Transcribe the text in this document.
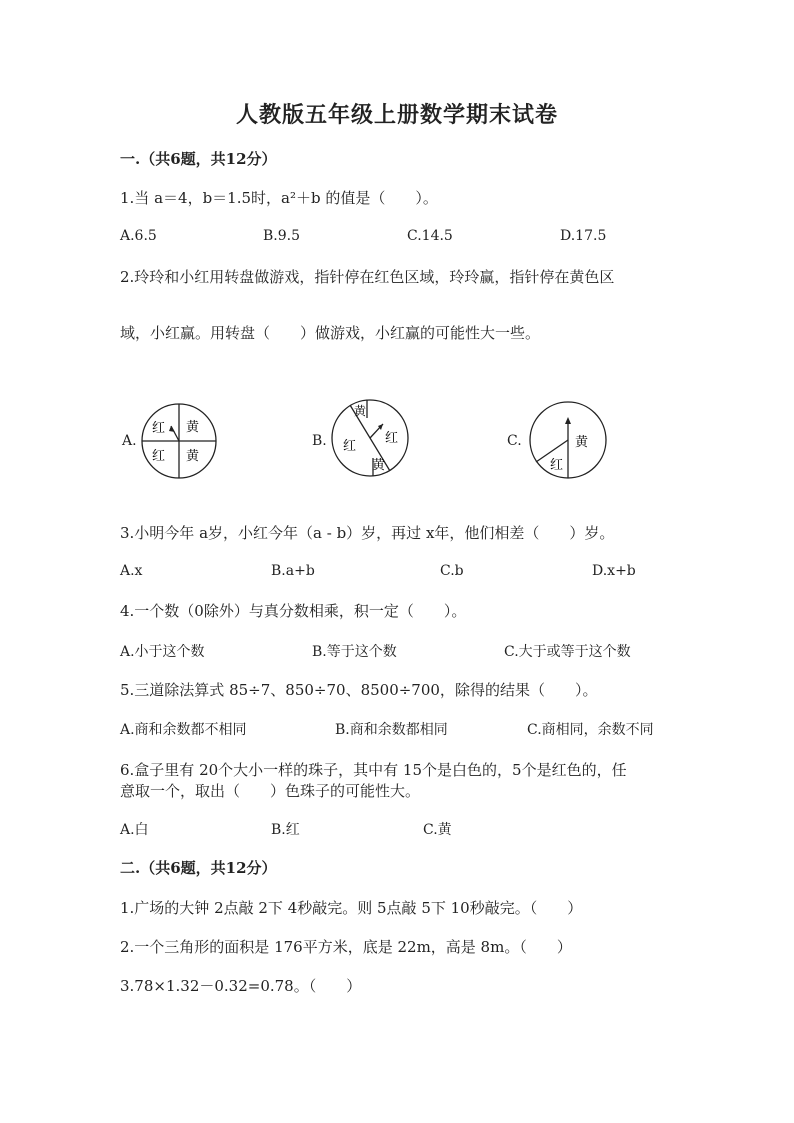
人教版五年级上册数学期末试卷
一.（共6题，共12分）
1.当 a＝4，b＝1.5时，a²＋b 的值是（　　）。
A.6.5	B.9.5	C.14.5	D.17.5
2.玲玲和小红用转盘做游戏，指针停在红色区域，玲玲赢，指针停在黄色区
域，小红赢。用转盘（　　）做游戏，小红赢的可能性大一些。
A.	B.	C.
红 黄
红 黄
黄
红
红
黄
黄
红
3.小明今年 a岁，小红今年（a - b）岁，再过 x年，他们相差（　　）岁。
A.x	B.a+b	C.b	D.x+b
4.一个数（0除外）与真分数相乘，积一定（　　）。
A.小于这个数	B.等于这个数	C.大于或等于这个数
5.三道除法算式 85÷7、850÷70、8500÷700，除得的结果（　　）。
A.商和余数都不相同	B.商和余数都相同	C.商相同，余数不同
6.盒子里有 20个大小一样的珠子，其中有 15个是白色的，5个是红色的，任
意取一个，取出（　　）色珠子的可能性大。
A.白	B.红	C.黄
二.（共6题，共12分）
1.广场的大钟 2点敲 2下 4秒敲完。则 5点敲 5下 10秒敲完。（　　）
2.一个三角形的面积是 176平方米，底是 22m，高是 8m。（　　）
3.78×1.32－0.32=0.78。（　　）
